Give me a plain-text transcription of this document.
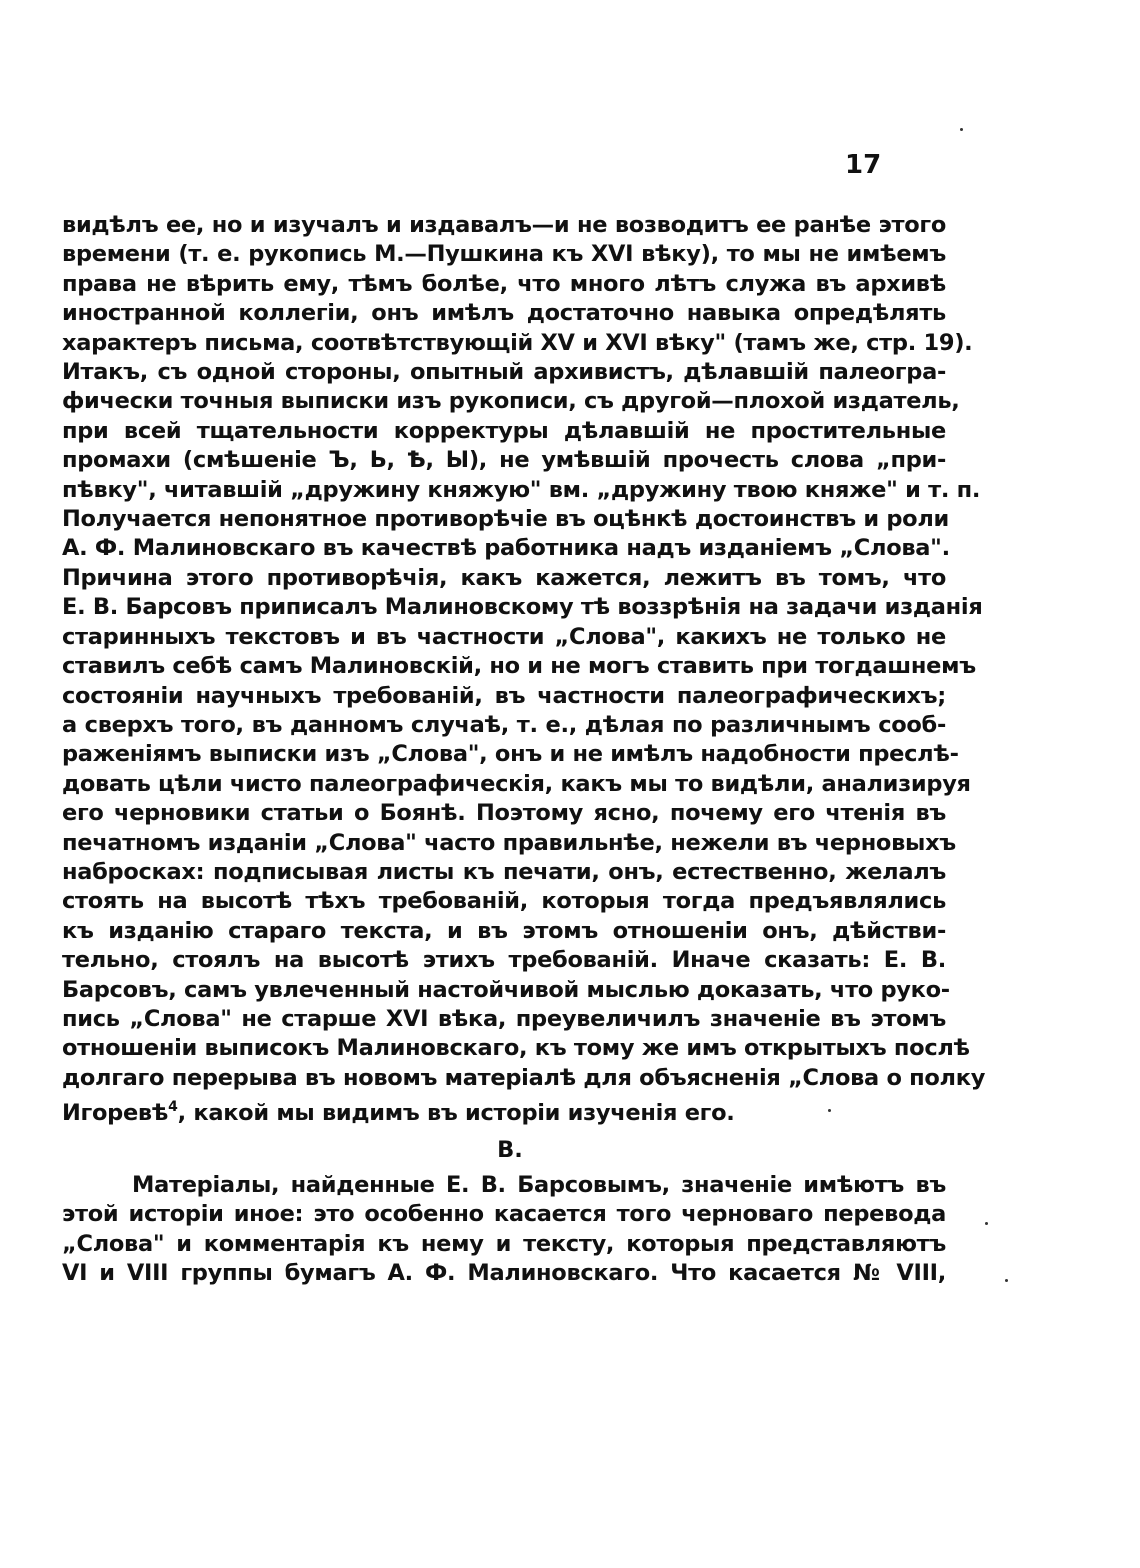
17
видѣлъ ее, но и изучалъ и издавалъ—и не возводитъ ее ранѣе этого
времени (т. е. рукопись М.—Пушкина къ XVI вѣку), то мы не имѣемъ
права не вѣрить ему, тѣмъ болѣе, что много лѣтъ служа въ архивѣ
иностранной коллегіи, онъ имѣлъ достаточно навыка опредѣлять
характеръ письма, соотвѣтствующій XV и XVI вѣку" (тамъ же, стр. 19).
Итакъ, съ одной стороны, опытный архивистъ, дѣлавшій палеогра-
фически точныя выписки изъ рукописи, съ другой—плохой издатель,
при всей тщательности корректуры дѣлавшій не простительные
промахи (смѣшеніе Ъ, Ь, Ѣ, Ы), не умѣвшій прочесть слова „при-
пѣвку", читавшій „дружину княжую" вм. „дружину твою княже" и т. п.
Получается непонятное противорѣчіе въ оцѣнкѣ достоинствъ и роли
А. Ф. Малиновскаго въ качествѣ работника надъ изданіемъ „Слова".
Причина этого противорѣчія, какъ кажется, лежитъ въ томъ, что
Е. В. Барсовъ приписалъ Малиновскому тѣ воззрѣнія на задачи изданія
старинныхъ текстовъ и въ частности „Слова", какихъ не только не
ставилъ себѣ самъ Малиновскій, но и не могъ ставить при тогдашнемъ
состояніи научныхъ требованій, въ частности палеографическихъ;
а сверхъ того, въ данномъ случаѣ, т. е., дѣлая по различнымъ сооб-
раженіямъ выписки изъ „Слова", онъ и не имѣлъ надобности преслѣ-
довать цѣли чисто палеографическія, какъ мы то видѣли, анализируя
его черновики статьи о Боянѣ. Поэтому ясно, почему его чтенія въ
печатномъ изданіи „Слова" часто правильнѣе, нежели въ черновыхъ
набросках: подписывая листы къ печати, онъ, естественно, желалъ
стоять на высотѣ тѣхъ требованій, которыя тогда предъявлялись
къ изданію стараго текста, и въ этомъ отношеніи онъ, дѣйстви-
тельно, стоялъ на высотѣ этихъ требованій. Иначе сказать: Е. В.
Барсовъ, самъ увлеченный настойчивой мыслью доказать, что руко-
пись „Слова" не старше XVI вѣка, преувеличилъ значеніе въ этомъ
отношеніи выписокъ Малиновскаго, къ тому же имъ открытыхъ послѣ
долгаго перерыва въ новомъ матеріалѣ для объясненія „Слова о полку
Игоревѣ$^4$, какой мы видимъ въ исторіи изученія его.
В.
Матеріалы, найденные Е. В. Барсовымъ, значеніе имѣютъ въ
этой исторіи иное: это особенно касается того черноваго перевода
„Слова" и комментарія къ нему и тексту, которыя представляютъ
VI и VIII группы бумагъ А. Ф. Малиновскаго. Что касается № VIII,
